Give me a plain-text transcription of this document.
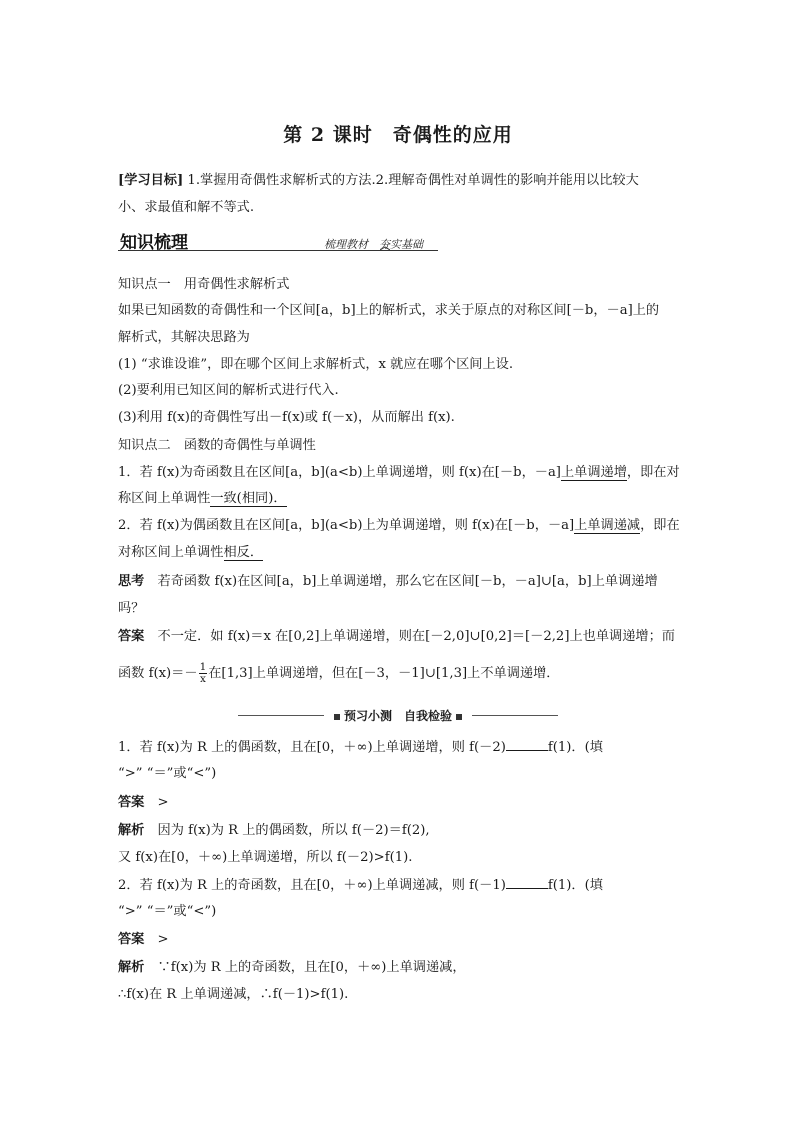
第 2 课时　奇偶性的应用
[学习目标] 1.掌握用奇偶性求解析式的方法.2.理解奇偶性对单调性的影响并能用以比较大
小、求最值和解不等式.
知识梳理	梳理教材　夯实基础
知识点一　用奇偶性求解析式
如果已知函数的奇偶性和一个区间[a，b]上的解析式，求关于原点的对称区间[－b，－a]上的
解析式，其解决思路为
(1) “求谁设谁”，即在哪个区间上求解析式，x 就应在哪个区间上设.
(2)要利用已知区间的解析式进行代入.
(3)利用 f(x)的奇偶性写出－f(x)或 f(－x)，从而解出 f(x).
知识点二　函数的奇偶性与单调性
1．若 f(x)为奇函数且在区间[a，b](a<b)上单调递增，则 f(x)在[－b，－a]上单调递增，即在对
称区间上单调性一致(相同)．
2．若 f(x)为偶函数且在区间[a，b](a<b)上为单调递增，则 f(x)在[－b，－a]上单调递减，即在
对称区间上单调性相反．
思考　若奇函数 f(x)在区间[a，b]上单调递增，那么它在区间[－b，－a]∪[a，b]上单调递增
吗？
答案　不一定．如 f(x)＝x 在[0,2]上单调递增，则在[－2,0]∪[0,2]＝[－2,2]上也单调递增；而
函数 $f(x)=- \frac{1}{x}$ 在[1,3]上单调递增，但在[－3，－1]∪[1,3]上不单调递增．
1．若 f(x)为 R 上的偶函数，且在[0，＋∞)上单调递增，则 f(－2)	f(1)．(填
“>” “＝”或“<”)
答案　>
解析　因为 f(x)为 R 上的偶函数，所以 f(－2)＝f(2),
又 f(x)在[0，＋∞)上单调递增，所以 f(－2)>f(1).
2．若 f(x)为 R 上的奇函数，且在[0，＋∞)上单调递减，则 f(－1)	f(1)．(填
“>” “＝”或“<”)
答案　>
解析　∵f(x)为 R 上的奇函数，且在[0，＋∞)上单调递减，
∴f(x)在 R 上单调递减，∴f(－1)>f(1).
预习小测　自我检验
